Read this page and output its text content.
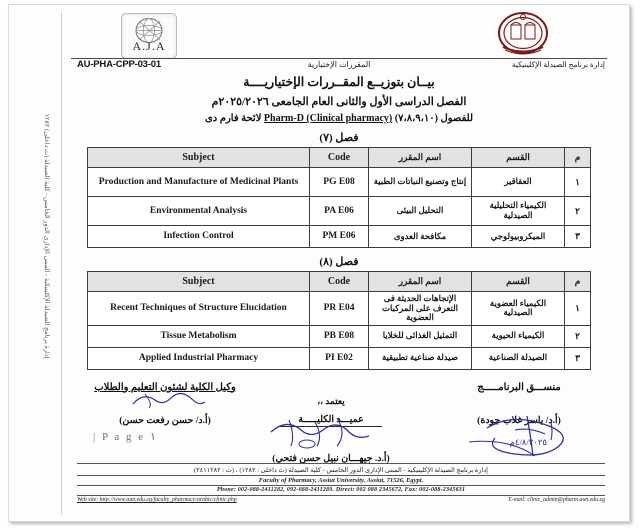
إدارة برنامج الصيدلة الإكلينيكية - المبنى الإدارى الدور الخامس - كلية الصيدلة (ث داخلى) ١٢٨٢
A.J.A
AU-PHA-CPP-03-01	المقررات الإختيارية	إدارة برنامج الصيدلة الإكلينيكية
بيــان بتوزيــع المقــررات الإختياريــــة
الفصل الدراسى الأول والثانى العام الجامعى ٢٠٢٥/٢٠٢٦م
للفصول (٧،٨،٩،١٠) Pharm-D (Clinical pharmacy) لائحة فارم دى
فصل (٧)
Subject	Code	اسم المقرر	القسم	م
Production and Manufacture of Medicinal Plants	PG E08	إنتاج وتصنيع النباتات الطبية	العقاقير	١
Environmental Analysis	PA E06	التحليل البيئى	الكيمياء التحليلية الصيدلية	٢
Infection Control	PM E06	مكافحة العدوى	الميكروبيولوجي	٣
فصل (٨)
Subject	Code	اسم المقرر	القسم	م
Recent Techniques of Structure Elucidation	PR E04	الإتجاهات الحديثة فى التعرف على المركبات العضوية	الكيمياء العضوية الصيدلية	١
Tissue Metabolism	PB E08	التمثيل الغذائى للخلايا	الكيمياء الحيوية	٢
Applied Industrial Pharmacy	PI E02	صيدلة صناعية تطبيقية	الصيدلة الصناعية	٣
منســـق البرنامـــــج
(أ.د/ ياسر غلاب جودة)
وكيل الكلية لشئون التعليم والطلاب
(أ.د/ حسن رفعت حسن)
يعتمد ،،
عميـــد الكليـــــة
(أ.د. جيهـــان نبيل حسن فتحي)
٤/٨/٢٠٢٥م
| P a g e ١
إدارة برنامج الصيدلة الإكلينيكية - المبنى الإدارى الدور الخامس - كلية الصيدلة (ث داخلى : ١٢٨٢) ، (ت : ٢٤١١٢٨٢)
Faculty of Pharmacy, Assiut University, Assiut, 71526, Egypt.
Phone: 002-088-2411282, 092-088-2411289. Direct: 002 088 2345672, Fax: 002-088-2345631
Web site: http://www.aun.edu.eg/faculty_pharmacy/arabic/clinic.php	E-mail: clinic_admin@pharm.aun.edu.eg
